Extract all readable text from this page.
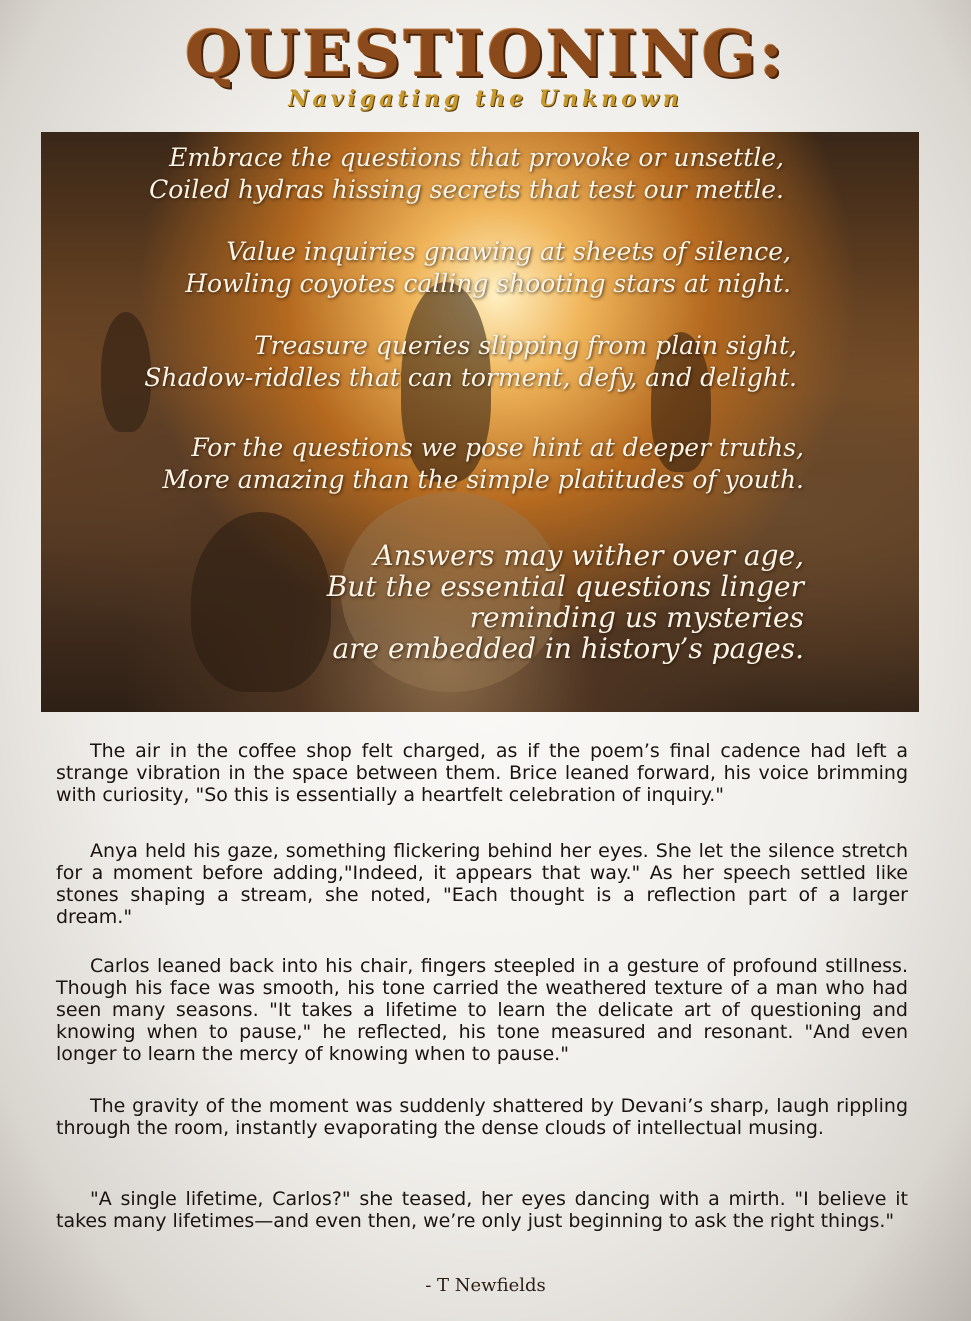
QUESTIONING:
Navigating the Unknown
Embrace the questions that provoke or unsettle,
Coiled hydras hissing secrets that test our mettle.
Value inquiries gnawing at sheets of silence,
Howling coyotes calling shooting stars at night.
Treasure queries slipping from plain sight,
Shadow-riddles that can torment, defy, and delight.
For the questions we pose hint at deeper truths,
More amazing than the simple platitudes of youth.
Answers may wither over age,
But the essential questions linger
reminding us mysteries
are embedded in history’s pages.

The air in the coffee shop felt charged, as if the poem’s final cadence had left a strange vibration in the space between them. Brice leaned forward, his voice brimming with curiosity, "So this is essentially a heartfelt celebration of inquiry."

Anya held his gaze, something flickering behind her eyes. She let the silence stretch for a moment before adding,"Indeed, it appears that way." As her speech settled like stones shaping a stream, she noted, "Each thought is a reflection part of a larger dream."

Carlos leaned back into his chair, fingers steepled in a gesture of profound stillness. Though his face was smooth, his tone carried the weathered texture of a man who had seen many seasons. "It takes a lifetime to learn the delicate art of questioning and knowing when to pause," he reflected, his tone measured and resonant. "And even longer to learn the mercy of knowing when to pause."

The gravity of the moment was suddenly shattered by Devani’s sharp, laugh rippling through the room, instantly evaporating the dense clouds of intellectual musing.

"A single lifetime, Carlos?" she teased, her eyes dancing with a mirth. "I believe it takes many lifetimes—and even then, we’re only just beginning to ask the right things."

- T Newfields
